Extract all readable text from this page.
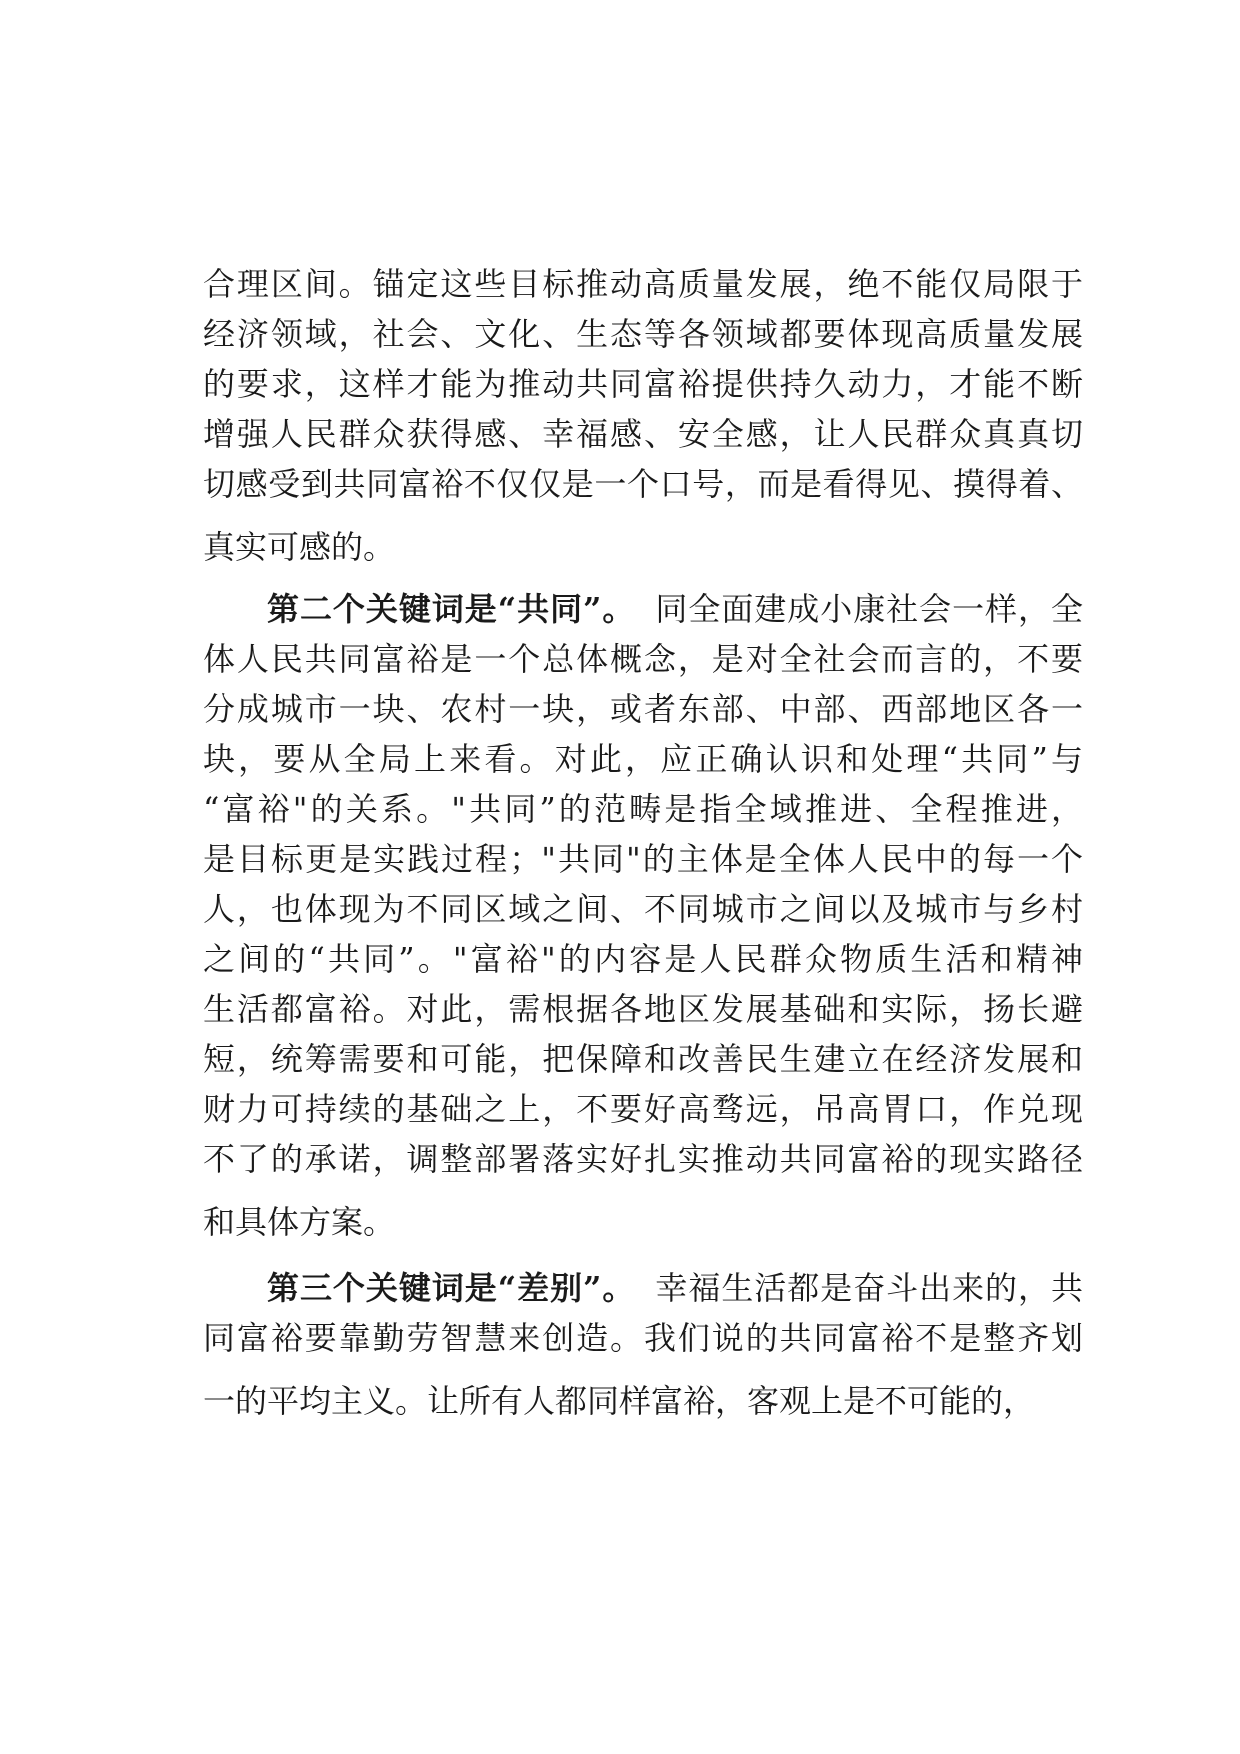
合理区间。锚定这些目标推动高质量发展，绝不能仅局限于
经济领域，社会、文化、生态等各领域都要体现高质量发展
的要求，这样才能为推动共同富裕提供持久动力，才能不断
增强人民群众获得感、幸福感、安全感，让人民群众真真切
切感受到共同富裕不仅仅是一个口号，而是看得见、摸得着、
真实可感的。
第二个关键词是“共同”。 同全面建成小康社会一样，全
体人民共同富裕是一个总体概念，是对全社会而言的，不要
分成城市一块、农村一块，或者东部、中部、西部地区各一
块，要从全局上来看。对此，应正确认识和处理“共同”与
“富裕"的关系。"共同”的范畴是指全域推进、全程推进，
是目标更是实践过程；"共同"的主体是全体人民中的每一个
人，也体现为不同区域之间、不同城市之间以及城市与乡村
之间的“共同”。"富裕"的内容是人民群众物质生活和精神
生活都富裕。对此，需根据各地区发展基础和实际，扬长避
短，统筹需要和可能，把保障和改善民生建立在经济发展和
财力可持续的基础之上，不要好高骛远，吊高胃口，作兑现
不了的承诺，调整部署落实好扎实推动共同富裕的现实路径
和具体方案。
第三个关键词是“差别”。 幸福生活都是奋斗出来的，共
同富裕要靠勤劳智慧来创造。我们说的共同富裕不是整齐划
一的平均主义。让所有人都同样富裕，客观上是不可能的，
